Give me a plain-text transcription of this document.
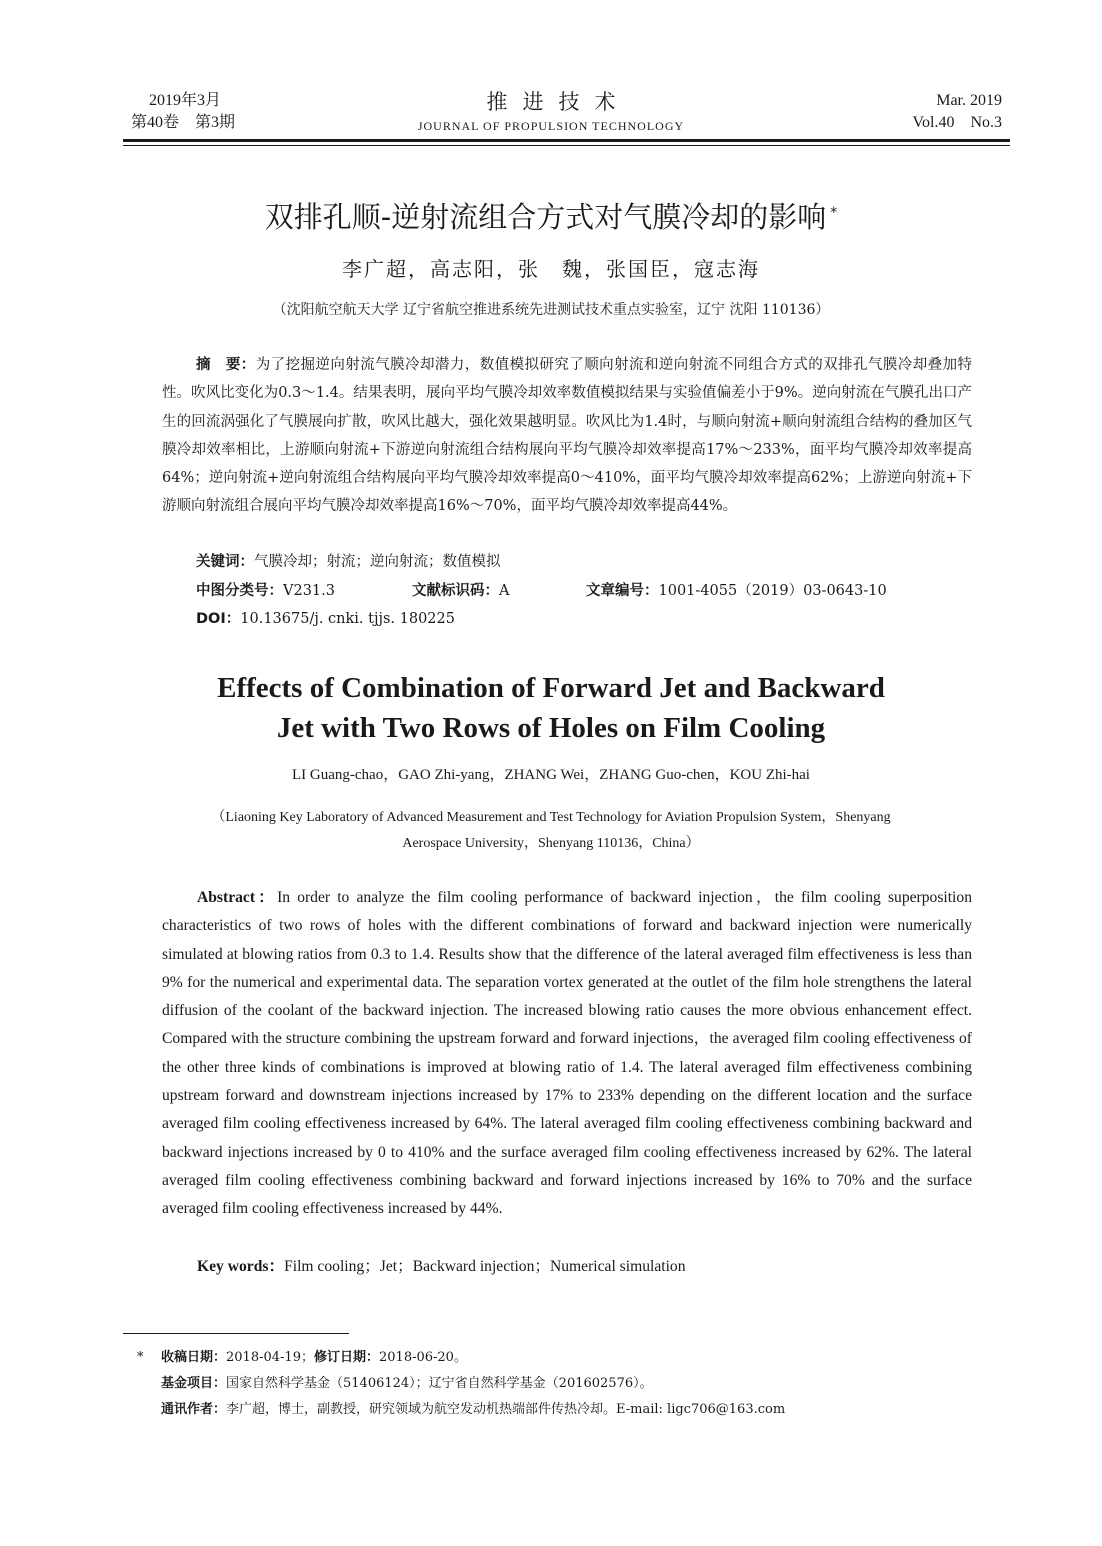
2019年3月
第40卷　第3期
推进技术
JOURNAL OF PROPULSION TECHNOLOGY
Mar. 2019
Vol.40　No.3
双排孔顺-逆射流组合方式对气膜冷却的影响 *
李广超，高志阳，张　魏，张国臣，寇志海
（沈阳航空航天大学 辽宁省航空推进系统先进测试技术重点实验室，辽宁 沈阳 110136）

摘　要：为了挖掘逆向射流气膜冷却潜力，数值模拟研究了顺向射流和逆向射流不同组合方式的双排孔气膜冷却叠加特性。吹风比变化为0.3～1.4。结果表明，展向平均气膜冷却效率数值模拟结果与实验值偏差小于9%。逆向射流在气膜孔出口产生的回流涡强化了气膜展向扩散，吹风比越大，强化效果越明显。吹风比为1.4时，与顺向射流+顺向射流组合结构的叠加区气膜冷却效率相比，上游顺向射流+下游逆向射流组合结构展向平均气膜冷却效率提高17%～233%，面平均气膜冷却效率提高64%；逆向射流+逆向射流组合结构展向平均气膜冷却效率提高0～410%，面平均气膜冷却效率提高62%；上游逆向射流+下游顺向射流组合展向平均气膜冷却效率提高16%～70%，面平均气膜冷却效率提高44%。

关键词：气膜冷却；射流；逆向射流；数值模拟
中图分类号：V231.3	文献标识码：A	文章编号：1001-4055（2019）03-0643-10
DOI：10.13675/j. cnki. tjjs. 180225
Effects of Combination of Forward Jet and Backward
Jet with Two Rows of Holes on Film Cooling
LI Guang-chao，GAO Zhi-yang，ZHANG Wei，ZHANG Guo-chen，KOU Zhi-hai
（Liaoning Key Laboratory of Advanced Measurement and Test Technology for Aviation Propulsion System，Shenyang
Aerospace University，Shenyang 110136，China）

Abstract：In order to analyze the film cooling performance of backward injection，the film cooling superposition characteristics of two rows of holes with the different combinations of forward and backward injection were numerically simulated at blowing ratios from 0.3 to 1.4. Results show that the difference of the lateral averaged film effectiveness is less than 9% for the numerical and experimental data. The separation vortex generated at the outlet of the film hole strengthens the lateral diffusion of the coolant of the backward injection. The increased blowing ratio causes the more obvious enhancement effect. Compared with the structure combining the upstream forward and forward injections，the averaged film cooling effectiveness of the other three kinds of combinations is improved at blowing ratio of 1.4. The lateral averaged film effectiveness combining upstream forward and downstream injections increased by 17% to 233% depending on the different location and the surface averaged film cooling effectiveness increased by 64%. The lateral averaged film cooling effectiveness combining backward and backward injections increased by 0 to 410% and the surface averaged film cooling effectiveness increased by 62%. The lateral averaged film cooling effectiveness combining backward and forward injections increased by 16% to 70% and the surface averaged film cooling effectiveness increased by 44%.

Key words：Film cooling；Jet；Backward injection；Numerical simulation
* 收稿日期：2018-04-19；修订日期：2018-06-20。
基金项目：国家自然科学基金（51406124）；辽宁省自然科学基金（201602576）。
通讯作者：李广超，博士，副教授，研究领域为航空发动机热端部件传热冷却。E-mail: ligc706@163.com
